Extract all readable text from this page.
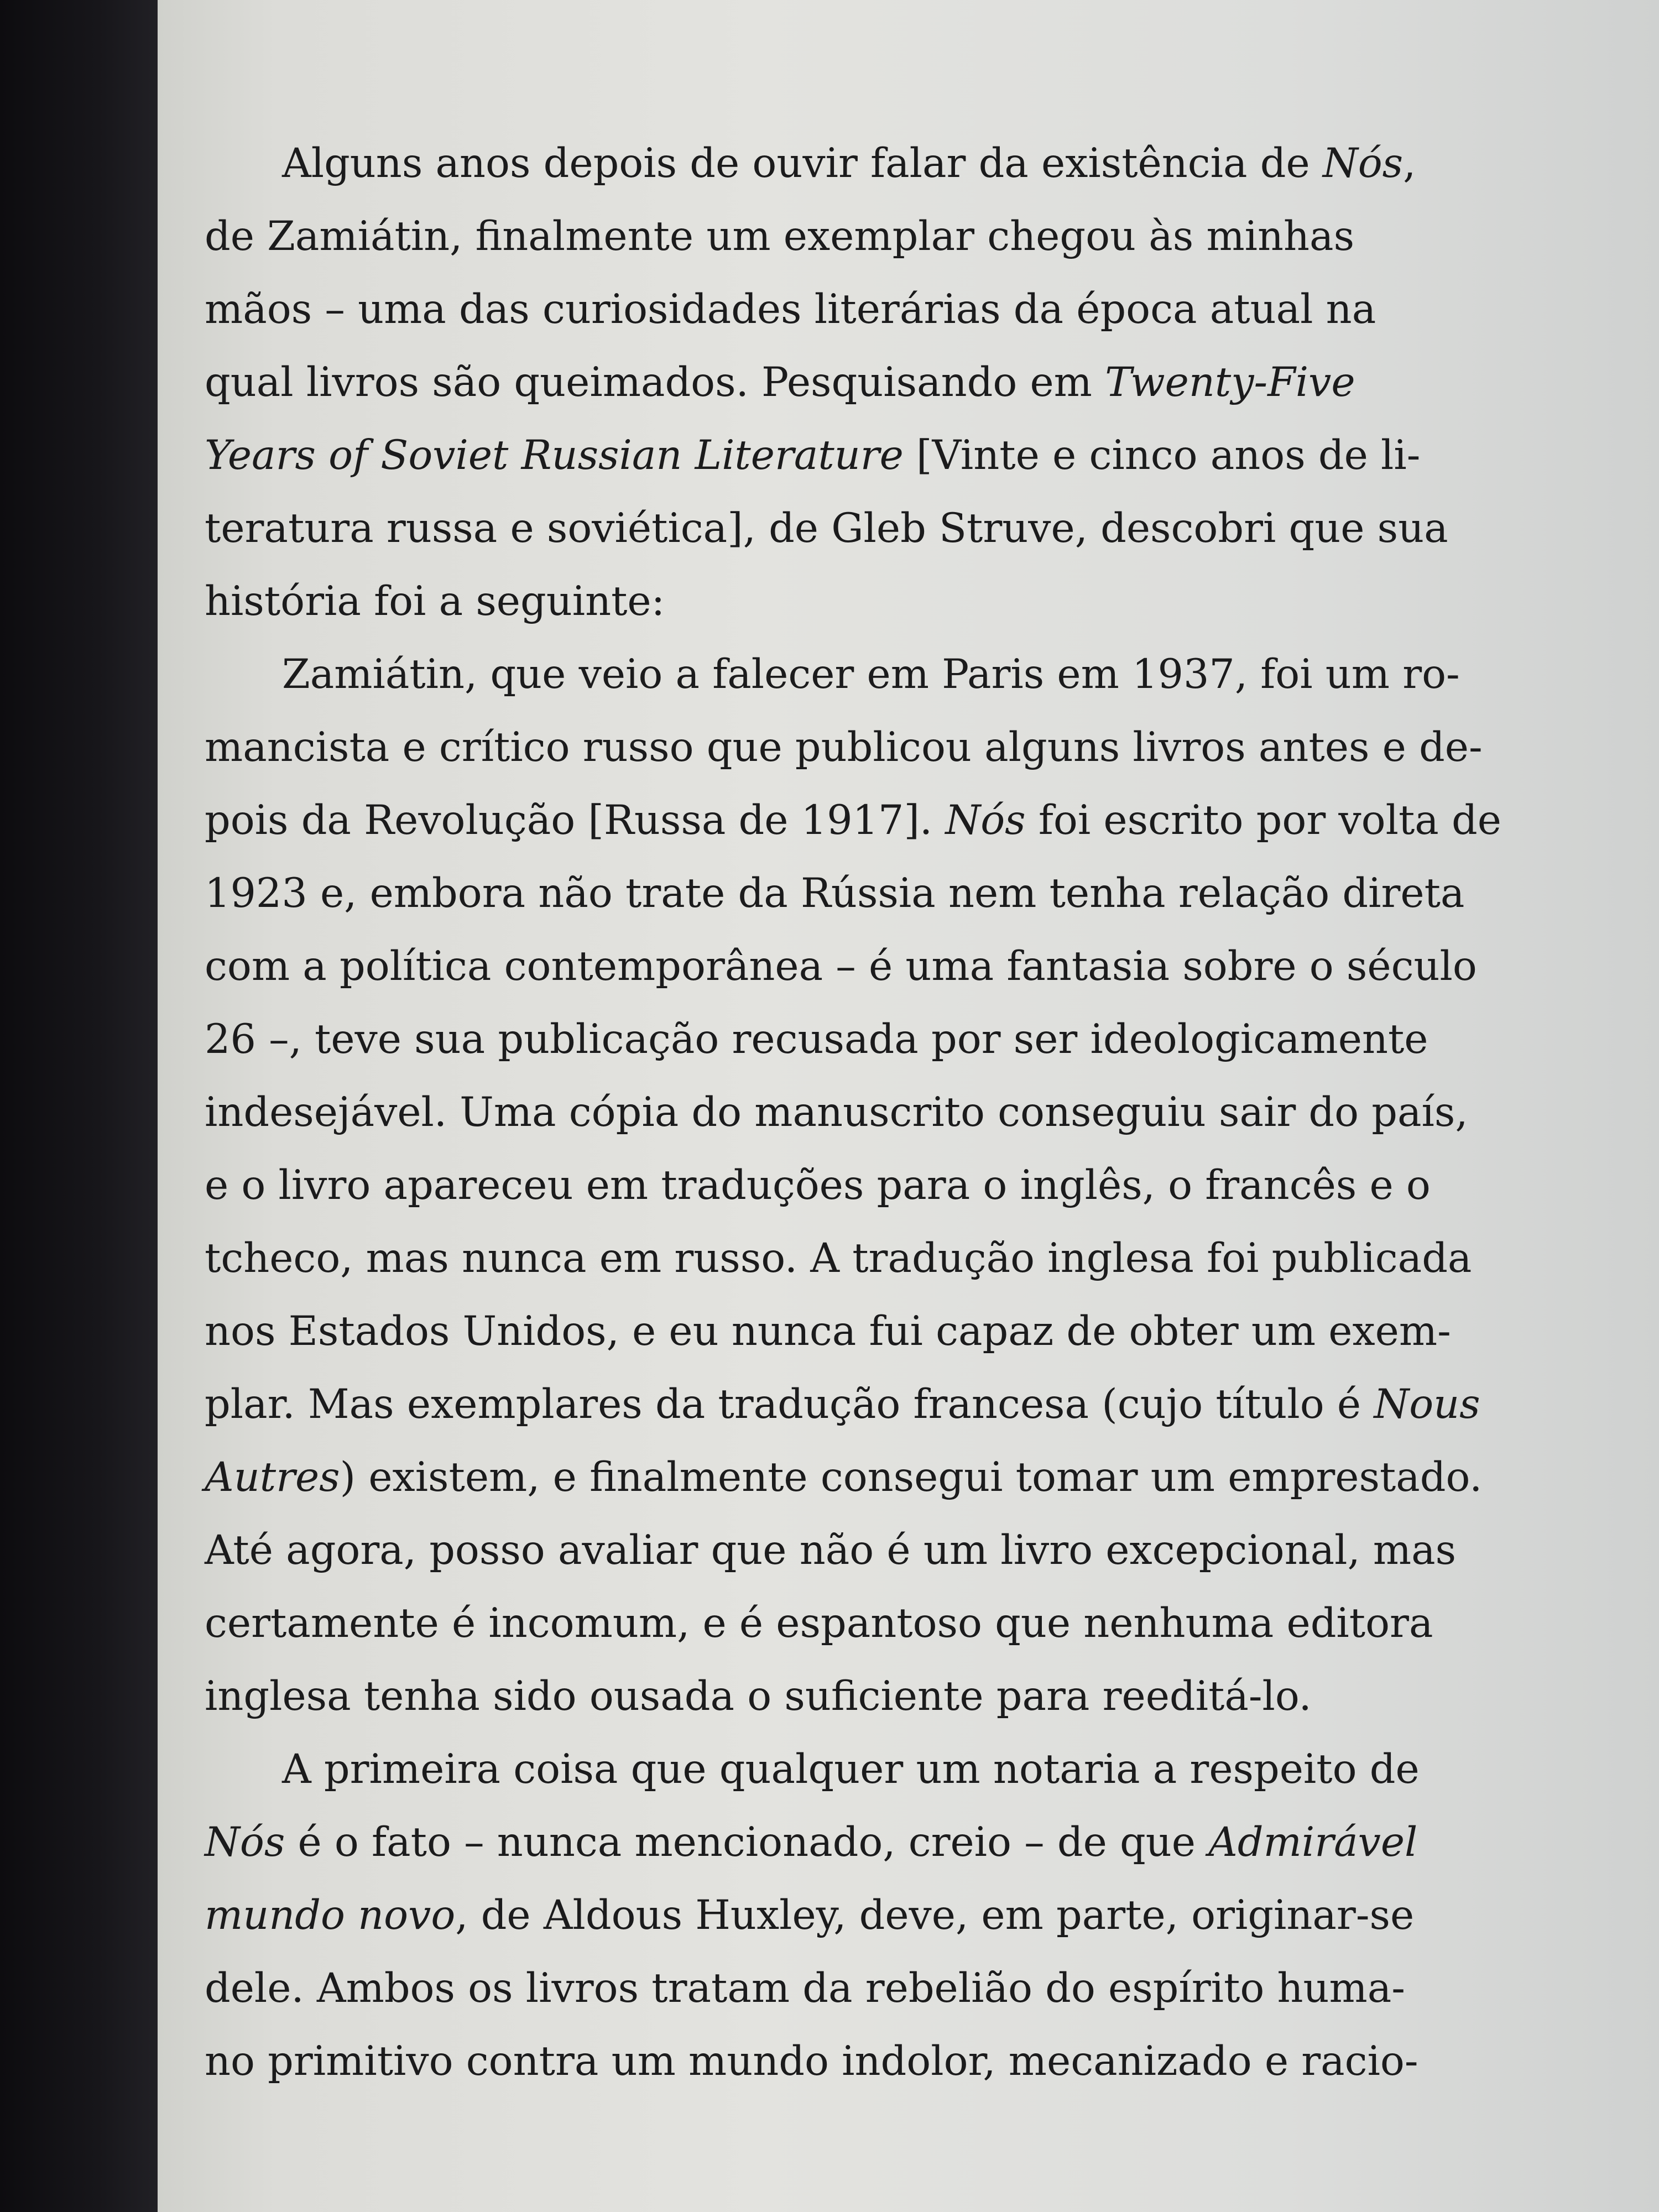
Alguns anos depois de ouvir falar da existência de Nós,
de Zamiátin, finalmente um exemplar chegou às minhas
mãos – uma das curiosidades literárias da época atual na
qual livros são queimados. Pesquisando em Twenty-Five
Years of Soviet Russian Literature [Vinte e cinco anos de li-
teratura russa e soviética], de Gleb Struve, descobri que sua
história foi a seguinte:

Zamiátin, que veio a falecer em Paris em 1937, foi um ro-
mancista e crítico russo que publicou alguns livros antes e de-
pois da Revolução [Russa de 1917]. Nós foi escrito por volta de
1923 e, embora não trate da Rússia nem tenha relação direta
com a política contemporânea – é uma fantasia sobre o século
26 –, teve sua publicação recusada por ser ideologicamente
indesejável. Uma cópia do manuscrito conseguiu sair do país,
e o livro apareceu em traduções para o inglês, o francês e o
tcheco, mas nunca em russo. A tradução inglesa foi publicada
nos Estados Unidos, e eu nunca fui capaz de obter um exem-
plar. Mas exemplares da tradução francesa (cujo título é Nous
Autres) existem, e finalmente consegui tomar um emprestado.
Até agora, posso avaliar que não é um livro excepcional, mas
certamente é incomum, e é espantoso que nenhuma editora
inglesa tenha sido ousada o suficiente para reeditá-lo.

A primeira coisa que qualquer um notaria a respeito de
Nós é o fato – nunca mencionado, creio – de que Admirável
mundo novo, de Aldous Huxley, deve, em parte, originar-se
dele. Ambos os livros tratam da rebelião do espírito huma-
no primitivo contra um mundo indolor, mecanizado e racio-
